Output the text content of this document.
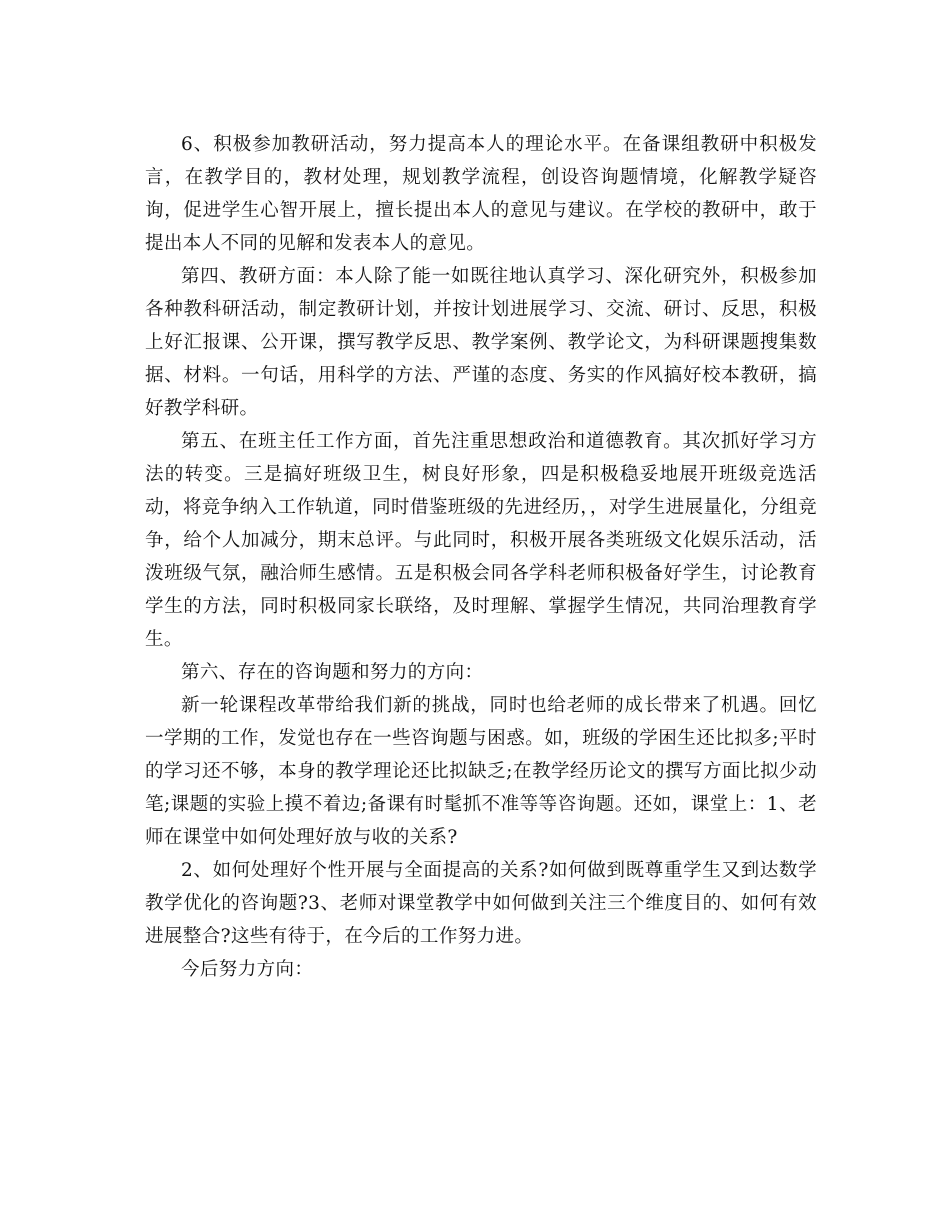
6、积极参加教研活动，努力提高本人的理论水平。在备课组教研中积极发言，在教学目的，教材处理，规划教学流程，创设咨询题情境，化解教学疑咨询，促进学生心智开展上，擅长提出本人的意见与建议。在学校的教研中，敢于提出本人不同的见解和发表本人的意见。

第四、教研方面：本人除了能一如既往地认真学习、深化研究外，积极参加各种教科研活动，制定教研计划，并按计划进展学习、交流、研讨、反思，积极上好汇报课、公开课，撰写教学反思、教学案例、教学论文，为科研课题搜集数据、材料。一句话，用科学的方法、严谨的态度、务实的作风搞好校本教研，搞好教学科研。

第五、在班主任工作方面，首先注重思想政治和道德教育。其次抓好学习方法的转变。三是搞好班级卫生，树良好形象，四是积极稳妥地展开班级竞选活动，将竞争纳入工作轨道，同时借鉴班级的先进经历，，对学生进展量化，分组竞争，给个人加减分，期末总评。与此同时，积极开展各类班级文化娱乐活动，活泼班级气氛，融洽师生感情。五是积极会同各学科老师积极备好学生，讨论教育学生的方法，同时积极同家长联络，及时理解、掌握学生情况，共同治理教育学生。

第六、存在的咨询题和努力的方向：

新一轮课程改革带给我们新的挑战，同时也给老师的成长带来了机遇。回忆一学期的工作，发觉也存在一些咨询题与困惑。如，班级的学困生还比拟多;平时的学习还不够，本身的教学理论还比拟缺乏;在教学经历论文的撰写方面比拟少动笔;课题的实验上摸不着边;备课有时髦抓不准等等咨询题。还如，课堂上：1、老师在课堂中如何处理好放与收的关系?

2、如何处理好个性开展与全面提高的关系?如何做到既尊重学生又到达数学教学优化的咨询题?3、老师对课堂教学中如何做到关注三个维度目的、如何有效进展整合?这些有待于，在今后的工作努力进。

今后努力方向：
